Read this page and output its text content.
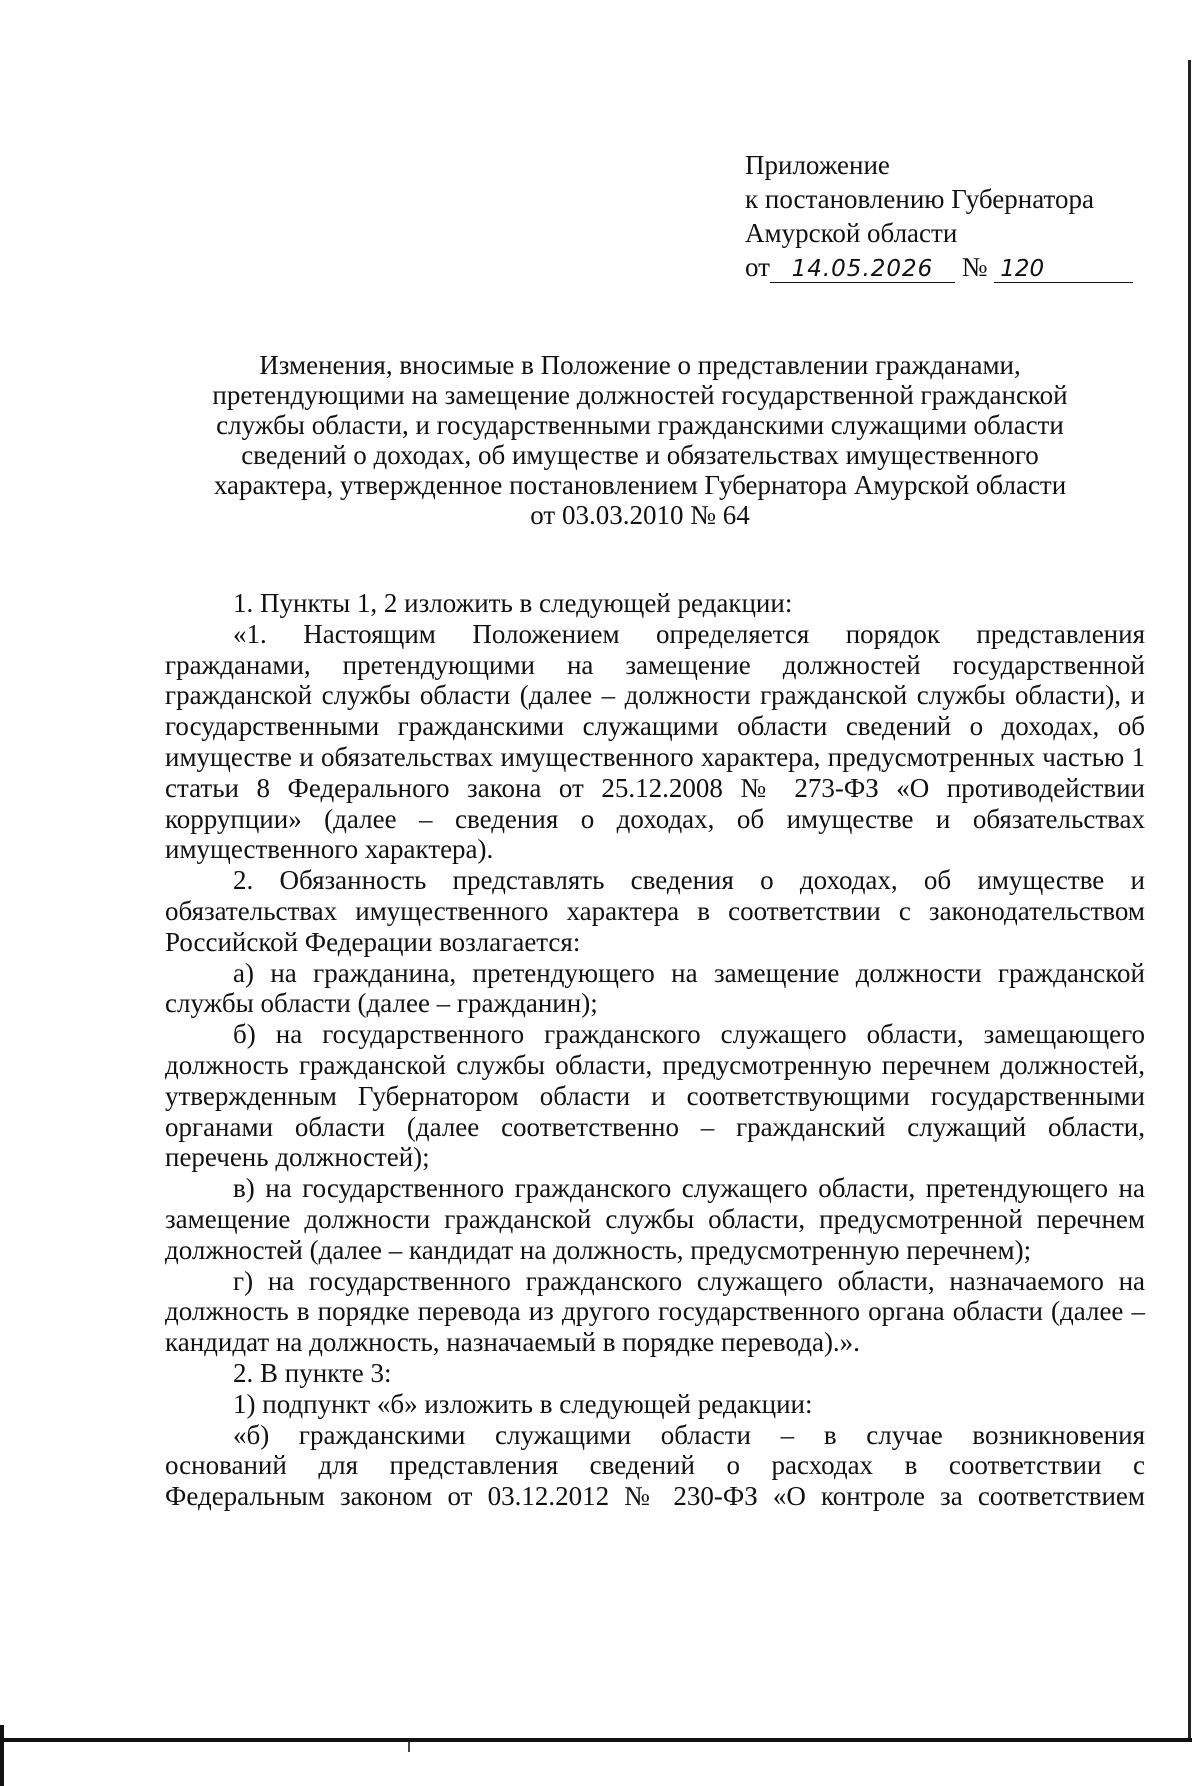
Приложение
к постановлению Губернатора
Амурской области
от 14.05.2026 № 120
Изменения, вносимые в Положение о представлении гражданами,
претендующими на замещение должностей государственной гражданской
службы области, и государственными гражданскими служащими области
сведений о доходах, об имуществе и обязательствах имущественного
характера, утвержденное постановлением Губернатора Амурской области
от 03.03.2010 № 64

1. Пункты 1, 2 изложить в следующей редакции:

«1. Настоящим Положением определяется порядок представления гражданами, претендующими на замещение должностей государственной гражданской службы области (далее – должности гражданской службы области), и государственными гражданскими служащими области сведений о доходах, об имуществе и обязательствах имущественного характера, предусмотренных частью 1 статьи 8 Федерального закона от 25.12.2008 № 273-ФЗ «О противодействии коррупции» (далее – сведения о доходах, об имуществе и обязательствах имущественного характера).

2. Обязанность представлять сведения о доходах, об имуществе и обязательствах имущественного характера в соответствии с законодательством Российской Федерации возлагается:

а) на гражданина, претендующего на замещение должности гражданской службы области (далее – гражданин);

б) на государственного гражданского служащего области, замещающего должность гражданской службы области, предусмотренную перечнем должностей, утвержденным Губернатором области и соответствующими государственными органами области (далее соответственно – гражданский служащий области, перечень должностей);

в) на государственного гражданского служащего области, претендующего на замещение должности гражданской службы области, предусмотренной перечнем должностей (далее – кандидат на должность, предусмотренную перечнем);

г) на государственного гражданского служащего области, назначаемого на должность в порядке перевода из другого государственного органа области (далее – кандидат на должность, назначаемый в порядке перевода).».

2. В пункте 3:

1) подпункт «б» изложить в следующей редакции:

«б) гражданскими служащими области – в случае возникновения
оснований для представления сведений о расходах в соответствии с
Федеральным законом от 03.12.2012 № 230-ФЗ «О контроле за соответствием
